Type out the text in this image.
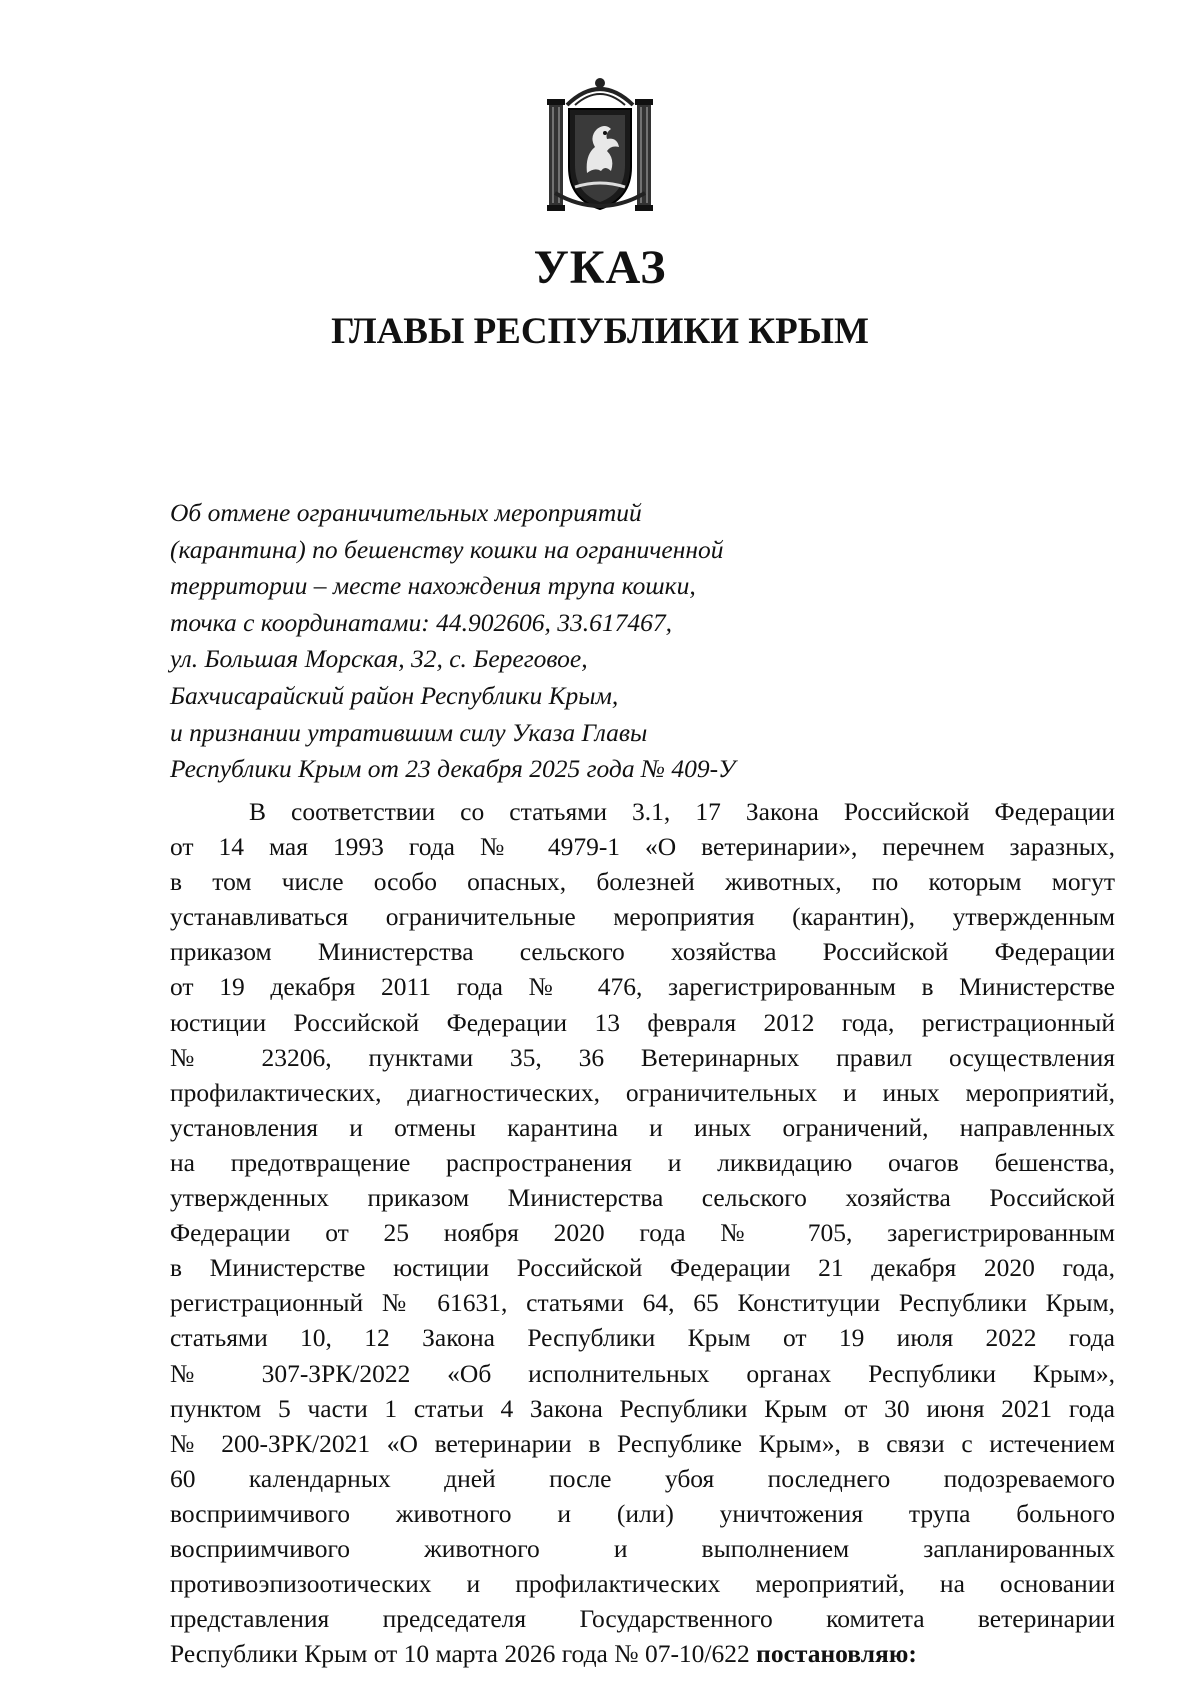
УКАЗ
ГЛАВЫ РЕСПУБЛИКИ КРЫМ
Об отмене ограничительных мероприятий
(карантина) по бешенству кошки на ограниченной
территории – месте нахождения трупа кошки,
точка с координатами: 44.902606, 33.617467,
ул. Большая Морская, 32, с. Береговое,
Бахчисарайский район Республики Крым,
и признании утратившим силу Указа Главы
Республики Крым от 23 декабря 2025 года № 409-У
В соответствии со статьями 3.1, 17 Закона Российской Федерации
от 14 мая 1993 года № 4979-1 «О ветеринарии», перечнем заразных,
в том числе особо опасных, болезней животных, по которым могут
устанавливаться ограничительные мероприятия (карантин), утвержденным
приказом Министерства сельского хозяйства Российской Федерации
от 19 декабря 2011 года № 476, зарегистрированным в Министерстве
юстиции Российской Федерации 13 февраля 2012 года, регистрационный
№ 23206, пунктами 35, 36 Ветеринарных правил осуществления
профилактических, диагностических, ограничительных и иных мероприятий,
установления и отмены карантина и иных ограничений, направленных
на предотвращение распространения и ликвидацию очагов бешенства,
утвержденных приказом Министерства сельского хозяйства Российской
Федерации от 25 ноября 2020 года № 705, зарегистрированным
в Министерстве юстиции Российской Федерации 21 декабря 2020 года,
регистрационный № 61631, статьями 64, 65 Конституции Республики Крым,
статьями 10, 12 Закона Республики Крым от 19 июля 2022 года
№ 307-ЗРК/2022 «Об исполнительных органах Республики Крым»,
пунктом 5 части 1 статьи 4 Закона Республики Крым от 30 июня 2021 года
№ 200-ЗРК/2021 «О ветеринарии в Республике Крым», в связи с истечением
60 календарных дней после убоя последнего подозреваемого
восприимчивого животного и (или) уничтожения трупа больного
восприимчивого животного и выполнением запланированных
противоэпизоотических и профилактических мероприятий, на основании
представления председателя Государственного комитета ветеринарии
Республики Крым от 10 марта 2026 года № 07-10/622 постановляю:
